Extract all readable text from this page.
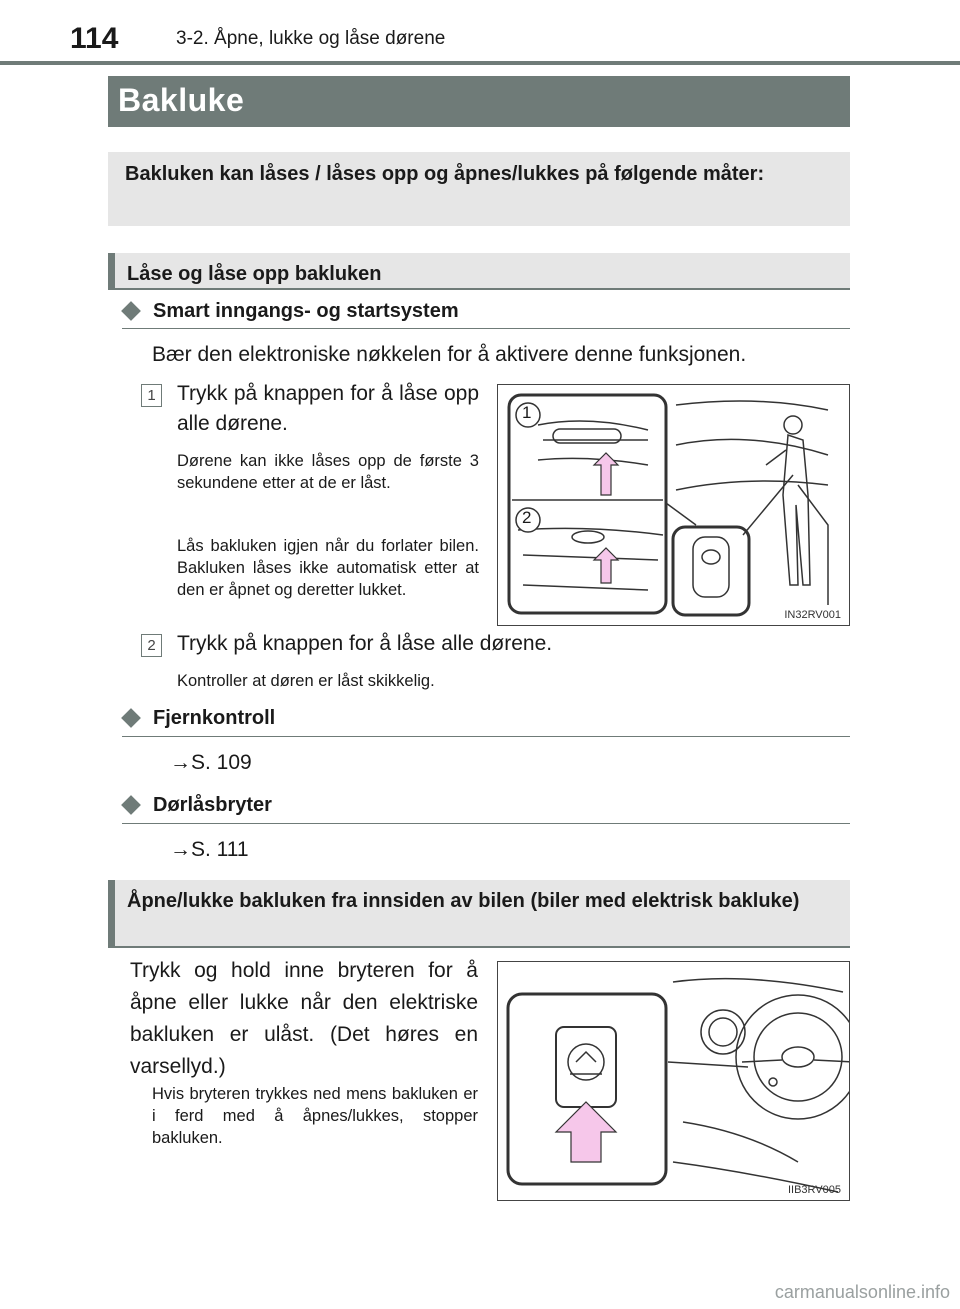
114	3-2. Åpne, lukke og låse dørene
Bakluke

Bakluken kan låses / låses opp og åpnes/lukkes på følgende måter:

Låse og låse opp bakluken

Smart inngangs- og startsystem
Bær den elektroniske nøkkelen for å aktivere denne funksjonen.
1	Trykk på knappen for å låse opp alle dørene.
Dørene kan ikke låses opp de første 3 sekundene etter at de er låst.
Lås bakluken igjen når du forlater bilen. Bakluken låses ikke automatisk etter at den er åpnet og deretter lukket.
1
2
IN32RV001
2	Trykk på knappen for å låse alle dørene.
Kontroller at døren er låst skikkelig.
Fjernkontroll
→S. 109
Dørlåsbryter
→S. 111

Åpne/lukke bakluken fra innsiden av bilen (biler med elektrisk bakluke)

Trykk og hold inne bryteren for å åpne eller lukke når den elektriske bakluken er ulåst. (Det høres en varsellyd.)
Hvis bryteren trykkes ned mens bakluken er i ferd med å åpnes/lukkes, stopper bakluken.
IIB3RV005
carmanualsonline.info
